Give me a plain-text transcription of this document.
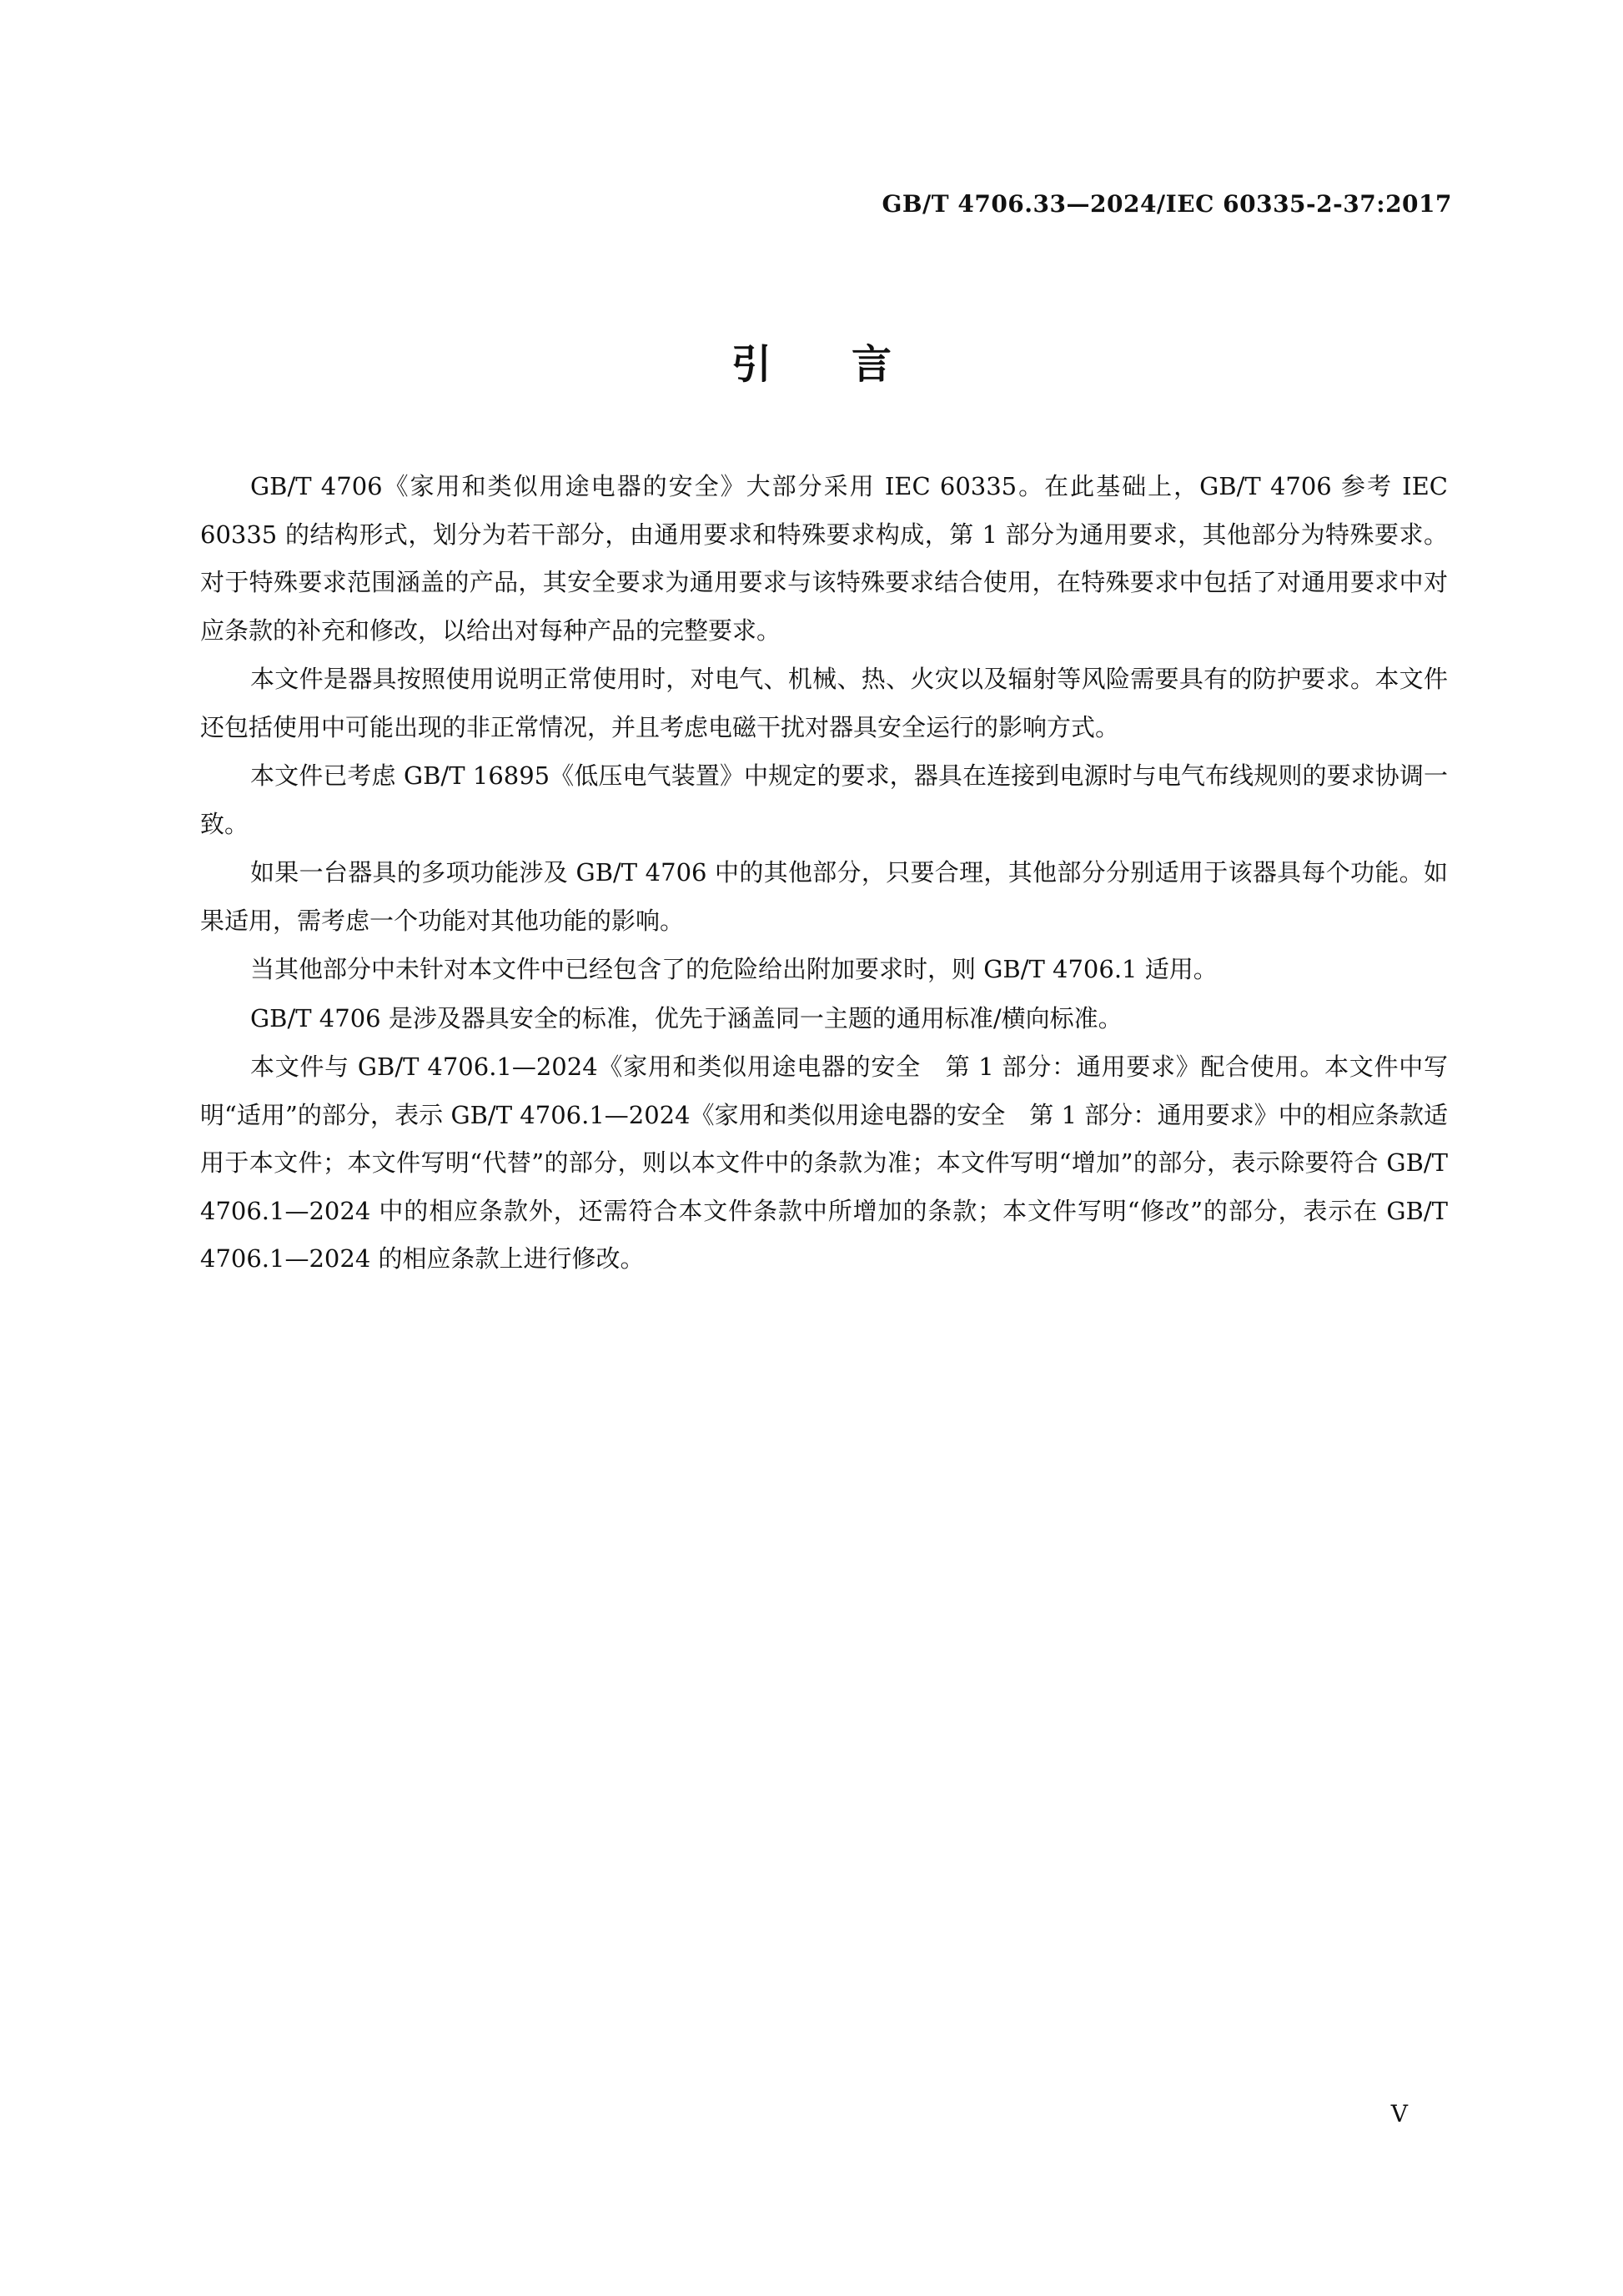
GB/T 4706.33—2024/IEC 60335-2-37:2017
引言

GB/T 4706《家用和类似用途电器的安全》大部分采用 IEC 60335。在此基础上，GB/T 4706 参考 IEC 60335 的结构形式，划分为若干部分，由通用要求和特殊要求构成，第 1 部分为通用要求，其他部分为特殊要求。对于特殊要求范围涵盖的产品，其安全要求为通用要求与该特殊要求结合使用，在特殊要求中包括了对通用要求中对应条款的补充和修改，以给出对每种产品的完整要求。

本文件是器具按照使用说明正常使用时，对电气、机械、热、火灾以及辐射等风险需要具有的防护要求。本文件还包括使用中可能出现的非正常情况，并且考虑电磁干扰对器具安全运行的影响方式。

本文件已考虑 GB/T 16895《低压电气装置》中规定的要求，器具在连接到电源时与电气布线规则的要求协调一致。

如果一台器具的多项功能涉及 GB/T 4706 中的其他部分，只要合理，其他部分分别适用于该器具每个功能。如果适用，需考虑一个功能对其他功能的影响。

当其他部分中未针对本文件中已经包含了的危险给出附加要求时，则 GB/T 4706.1 适用。

GB/T 4706 是涉及器具安全的标准，优先于涵盖同一主题的通用标准/横向标准。

本文件与 GB/T 4706.1—2024《家用和类似用途电器的安全　第 1 部分：通用要求》配合使用。本文件中写明“适用”的部分，表示 GB/T 4706.1—2024《家用和类似用途电器的安全　第 1 部分：通用要求》中的相应条款适用于本文件；本文件写明“代替”的部分，则以本文件中的条款为准；本文件写明“增加”的部分，表示除要符合 GB/T 4706.1—2024 中的相应条款外，还需符合本文件条款中所增加的条款；本文件写明“修改”的部分，表示在 GB/T 4706.1—2024 的相应条款上进行修改。

V
